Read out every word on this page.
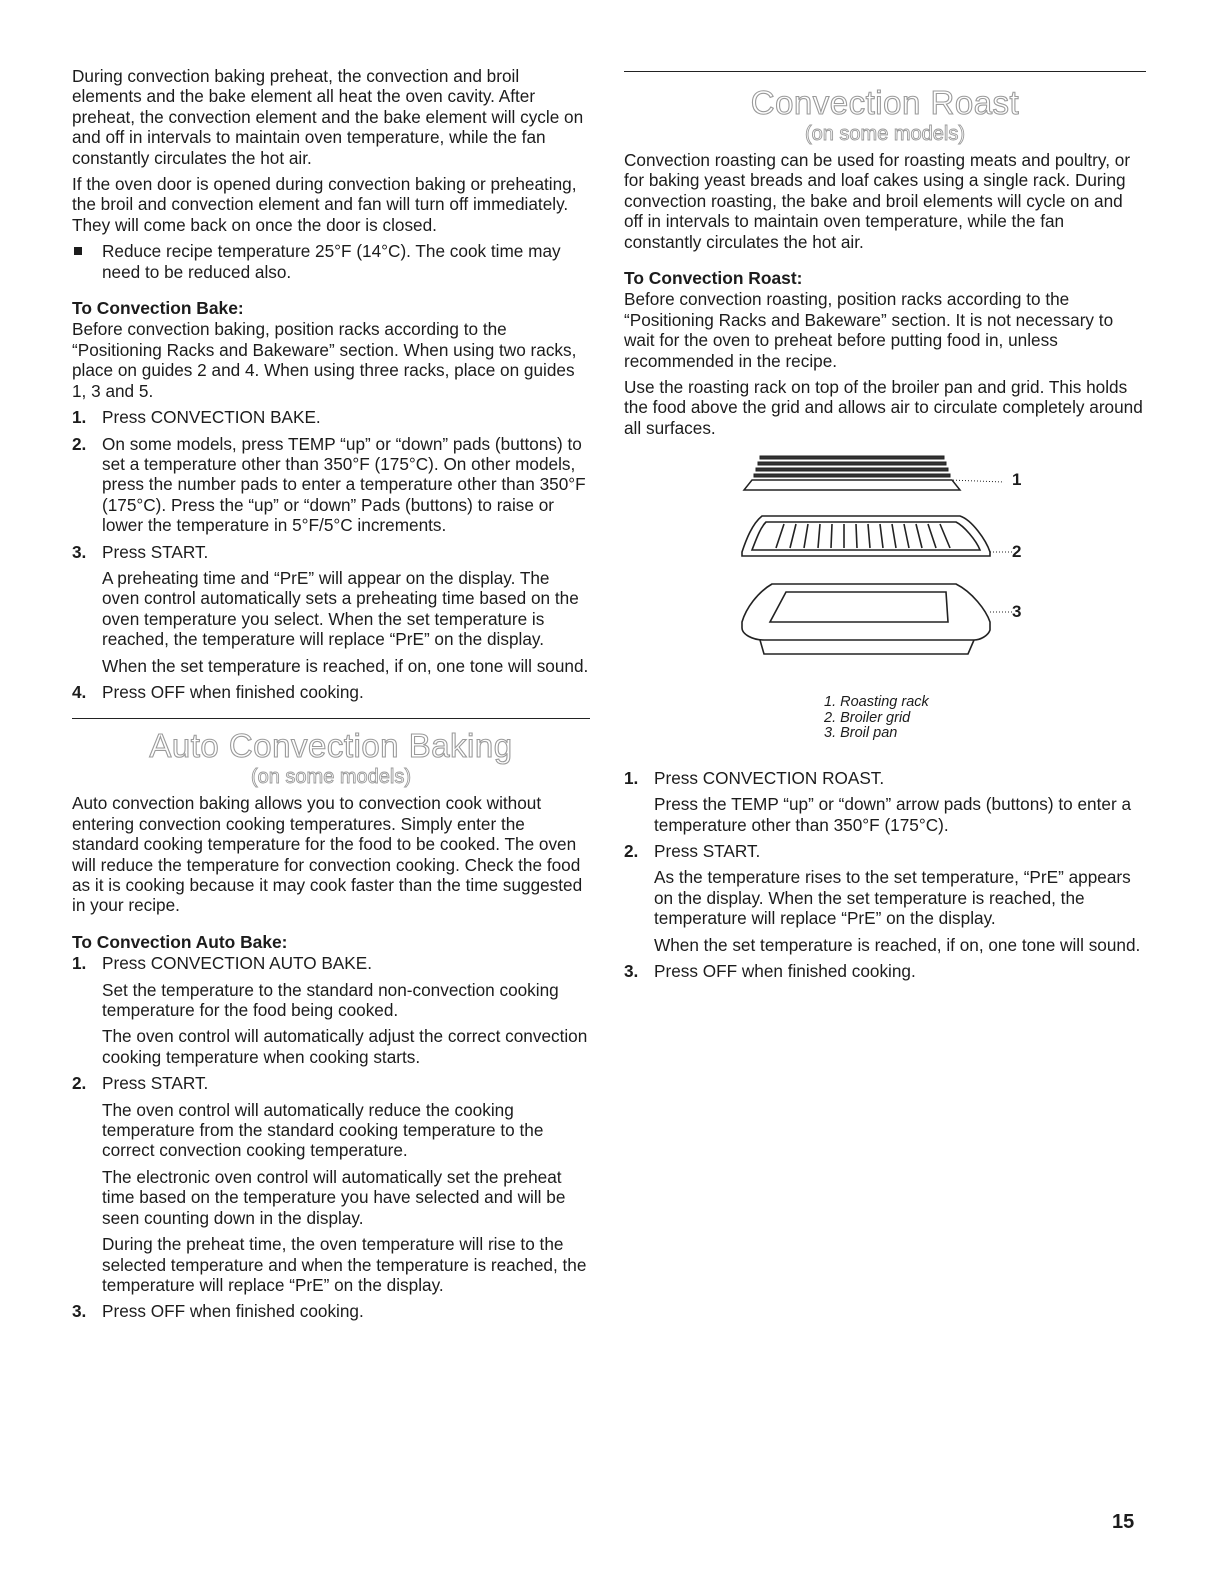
During convection baking preheat, the convection and broil elements and the bake element all heat the oven cavity. After preheat, the convection element and the bake element will cycle on and off in intervals to maintain oven temperature, while the fan constantly circulates the hot air.

If the oven door is opened during convection baking or preheating, the broil and convection element and fan will turn off immediately. They will come back on once the door is closed.

Reduce recipe temperature 25°F (14°C). The cook time may need to be reduced also.
To Convection Bake:

Before convection baking, position racks according to the “Positioning Racks and Bakeware” section. When using two racks, place on guides 2 and 4. When using three racks, place on guides 1, 3 and 5.

1. Press CONVECTION BAKE.

2. On some models, press TEMP “up” or “down” pads (buttons) to set a temperature other than 350°F (175°C). On other models, press the number pads to enter a temperature other than 350°F (175°C). Press the “up” or “down” Pads (buttons) to raise or lower the temperature in 5°F/5°C increments.

3. Press START.

A preheating time and “PrE” will appear on the display. The oven control automatically sets a preheating time based on the oven temperature you select. When the set temperature is reached, the temperature will replace “PrE” on the display.

When the set temperature is reached, if on, one tone will sound.

4. Press OFF when finished cooking.

Auto Convection Baking
(on some models)

Auto convection baking allows you to convection cook without entering convection cooking temperatures. Simply enter the standard cooking temperature for the food to be cooked. The oven will reduce the temperature for convection cooking. Check the food as it is cooking because it may cook faster than the time suggested in your recipe.

To Convection Auto Bake:
1. Press CONVECTION AUTO BAKE.

Set the temperature to the standard non-convection cooking temperature for the food being cooked.

The oven control will automatically adjust the correct convection cooking temperature when cooking starts.

2. Press START.

The oven control will automatically reduce the cooking temperature from the standard cooking temperature to the correct convection cooking temperature.

The electronic oven control will automatically set the preheat time based on the temperature you have selected and will be seen counting down in the display.

During the preheat time, the oven temperature will rise to the selected temperature and when the temperature is reached, the temperature will replace “PrE” on the display.

3. Press OFF when finished cooking.

Convection Roast
(on some models)

Convection roasting can be used for roasting meats and poultry, or for baking yeast breads and loaf cakes using a single rack. During convection roasting, the bake and broil elements will cycle on and off in intervals to maintain oven temperature, while the fan constantly circulates the hot air.

To Convection Roast:

Before convection roasting, position racks according to the “Positioning Racks and Bakeware” section. It is not necessary to wait for the oven to preheat before putting food in, unless recommended in the recipe.

Use the roasting rack on top of the broiler pan and grid. This holds the food above the grid and allows air to circulate completely around all surfaces.

1
2
3
1. Roasting rack
2. Broiler grid
3. Broil pan
1. Press CONVECTION ROAST.

Press the TEMP “up” or “down” arrow pads (buttons) to enter a temperature other than 350°F (175°C).

2. Press START.

As the temperature rises to the set temperature, “PrE” appears on the display. When the set temperature is reached, the temperature will replace “PrE” on the display.

When the set temperature is reached, if on, one tone will sound.

3. Press OFF when finished cooking.

15
